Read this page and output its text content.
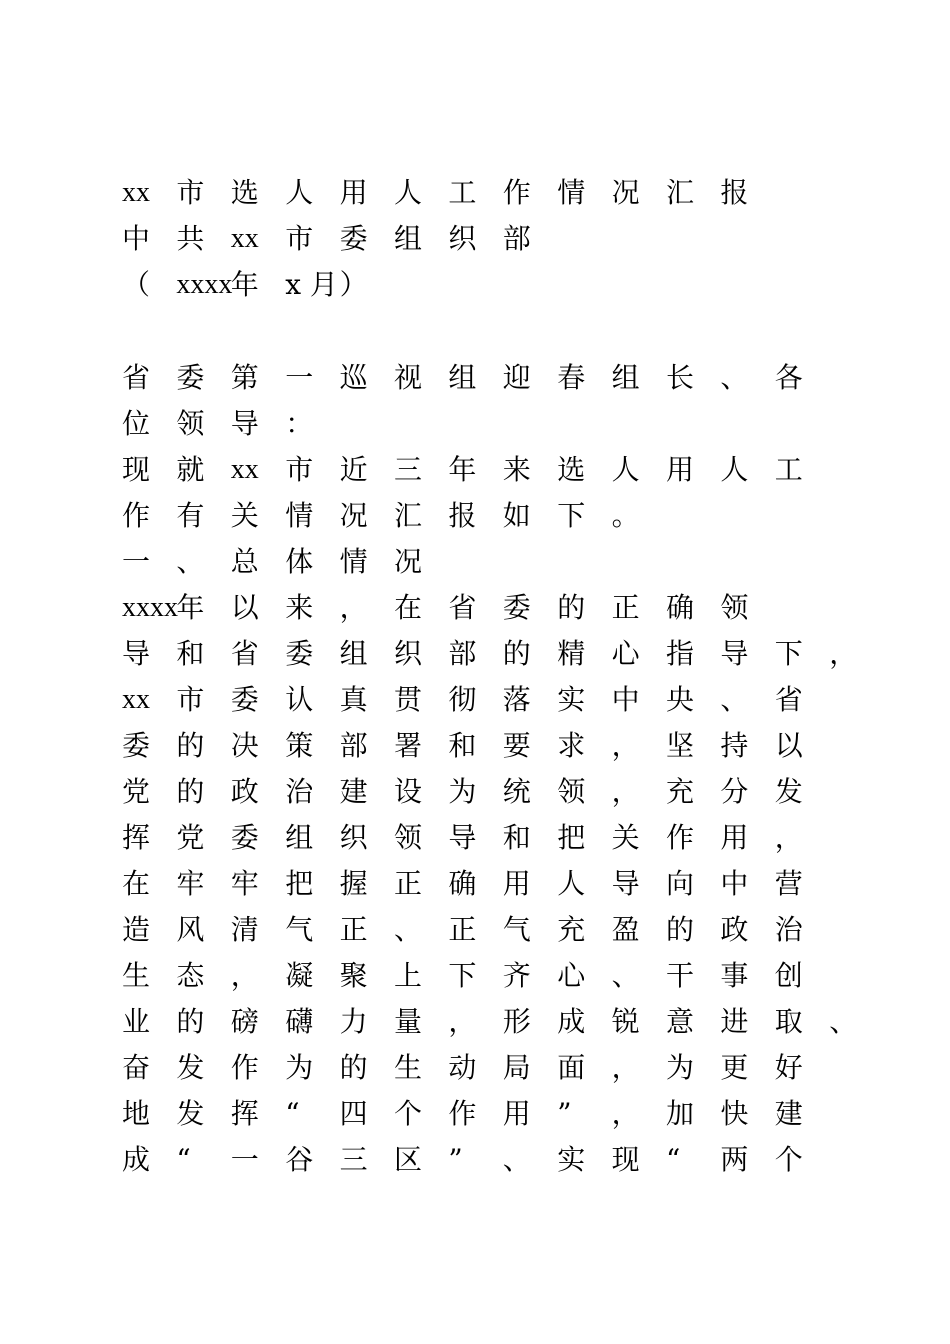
xx 市 选 人 用 人 工 作 情 况 汇 报
中 共 xx 市 委 组 织 部
（ xxxx
年 x 月 ）
省 委 第 一 巡 视 组 迎 春 组 长 、 各
位 领 导 ：
现 就 xx 市 近 三 年 来 选 人 用 人 工
作 有 关 情 况 汇 报 如 下 。
一 、 总 体 情 况
xxxx
年 以 来 ， 在 省 委 的 正 确 领
导 和 省 委 组 织 部 的 精 心 指 导 下 ，
xx 市 委 认 真 贯 彻 落 实 中 央 、 省
委 的 决 策 部 署 和 要 求 ， 坚 持 以
党 的 政 治 建 设 为 统 领 ， 充 分 发
挥 党 委 组 织 领 导 和 把 关 作 用 ，
在 牢 牢 把 握 正 确 用 人 导 向 中 营
造 风 清 气 正 、 正 气 充 盈 的 政 治
生 态 ， 凝 聚 上 下 齐 心 、 干 事 创
业 的 磅 礴 力 量 ， 形 成 锐 意 进 取 、
奋 发 作 为 的 生 动 局 面 ， 为 更 好
地 发 挥 “	四 个 作 用 ”	， 加 快 建
成 “	一 谷 三 区 ”	、 实 现 “	两 个
